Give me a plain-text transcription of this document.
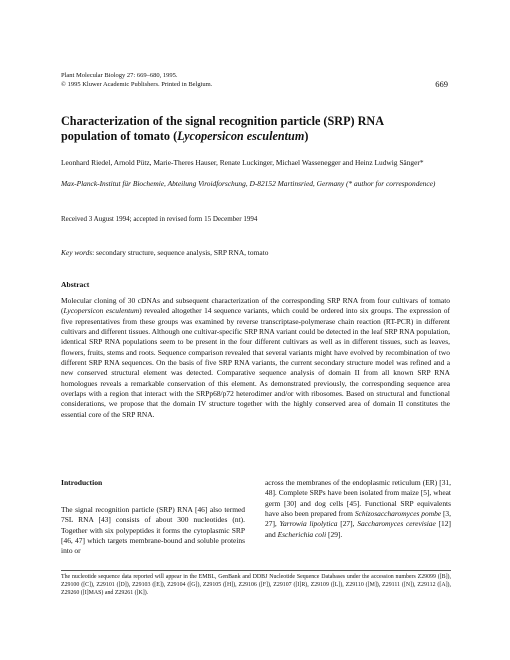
Plant Molecular Biology 27: 669–680, 1995.
© 1995 Kluwer Academic Publishers. Printed in Belgium.	669
Characterization of the signal recognition particle (SRP) RNA
population of tomato (Lycopersicon esculentum)
Leonhard Riedel, Arnold Pütz, Marie-Theres Hauser, Renate Luckinger, Michael Wassenegger and Heinz Ludwig Sänger*
Max-Planck-Institut für Biochemie, Abteilung Viroidforschung, D-82152 Martinsried, Germany (* author for correspondence)
Received 3 August 1994; accepted in revised form 15 December 1994
Key words: secondary structure, sequence analysis, SRP RNA, tomato
Abstract

Molecular cloning of 30 cDNAs and subsequent characterization of the corresponding SRP RNA from four cultivars of tomato (Lycopersicon esculentum) revealed altogether 14 sequence variants, which could be ordered into six groups. The expression of five representatives from these groups was examined by reverse transcriptase-polymerase chain reaction (RT-PCR) in different cultivars and different tissues. Although one cultivar-specific SRP RNA variant could be detected in the leaf SRP RNA population, identical SRP RNA populations seem to be present in the four different cultivars as well as in different tissues, such as leaves, flowers, fruits, stems and roots. Sequence comparison revealed that several variants might have evolved by recombination of two different SRP RNA sequences. On the basis of five SRP RNA variants, the current secondary structure model was refined and a new conserved structural element was detected. Comparative sequence analysis of domain II from all known SRP RNA homologues reveals a remarkable conservation of this element. As demonstrated previously, the corresponding sequence area overlaps with a region that interact with the SRPp68/p72 heterodimer and/or with ribosomes. Based on structural and functional considerations, we propose that the domain IV structure together with the highly conserved area of domain II constitutes the essential core of the SRP RNA.

Introduction

The signal recognition particle (SRP) RNA [46] also termed 7SL RNA [43] consists of about 300 nucleotides (nt). Together with six polypeptides it forms the cytoplasmic SRP [46, 47] which targets membrane-bound and soluble proteins into or

across the membranes of the endoplasmic reticulum (ER) [31, 48]. Complete SRPs have been isolated from maize [5], wheat germ [30] and dog cells [45]. Functional SRP equivalents have also been prepared from Schizosaccharomyces pombe [3, 27], Yarrowia lipolytica [27], Saccharomyces cerevisiae [12] and Escherichia coli [29].

The nucleotide sequence data reported will appear in the EMBL, GenBank and DDBJ Nucleotide Sequence Databases under the accession numbers Z29099 ([B]), Z29100 ([C]), Z29101 ([D]), Z29103 ([E]), Z29104 ([G]), Z29105 ([H]), Z29106 ([F]), Z29107 ([I]R), Z29109 ([L]), Z29110 ([M]), Z29111 ([N]), Z29112 ([A]), Z29260 ([I]MAS) and Z29261 ([K]).
